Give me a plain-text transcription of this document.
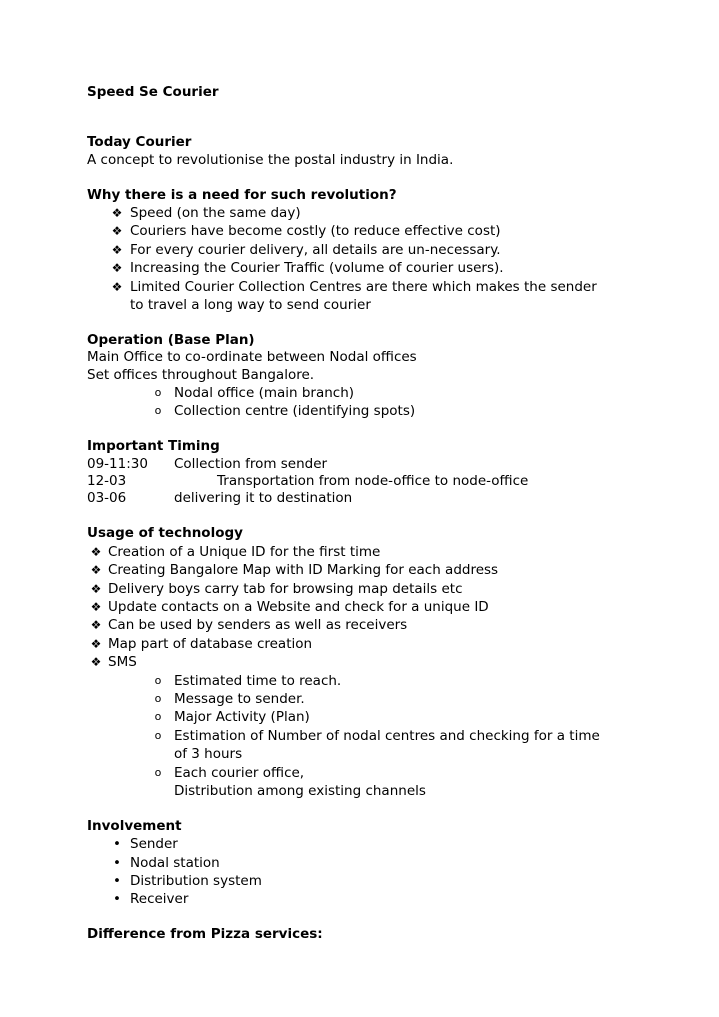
Speed Se Courier
Today Courier
A concept to revolutionise the postal industry in India.
Why there is a need for such revolution?
❖ Speed (on the same day)
❖ Couriers have become costly (to reduce effective cost)
❖ For every courier delivery, all details are un-necessary.
❖ Increasing the Courier Traffic (volume of courier users).
❖ Limited Courier Collection Centres are there which makes the sender
to travel a long way to send courier
Operation (Base Plan)
Main Office to co-ordinate between Nodal offices
Set offices throughout Bangalore.
o Nodal office (main branch)
o Collection centre (identifying spots)
Important Timing
09-11:30	Collection from sender
12-03	Transportation from node-office to node-office
03-06	delivering it to destination
Usage of technology
❖ Creation of a Unique ID for the first time
❖ Creating Bangalore Map with ID Marking for each address
❖ Delivery boys carry tab for browsing map details etc
❖ Update contacts on a Website and check for a unique ID
❖ Can be used by senders as well as receivers
❖ Map part of database creation
❖ SMS
o Estimated time to reach.
o Message to sender.
o Major Activity (Plan)
o Estimation of Number of nodal centres and checking for a time
of 3 hours
o Each courier office,
Distribution among existing channels
Involvement
• Sender
• Nodal station
• Distribution system
• Receiver
Difference from Pizza services:
